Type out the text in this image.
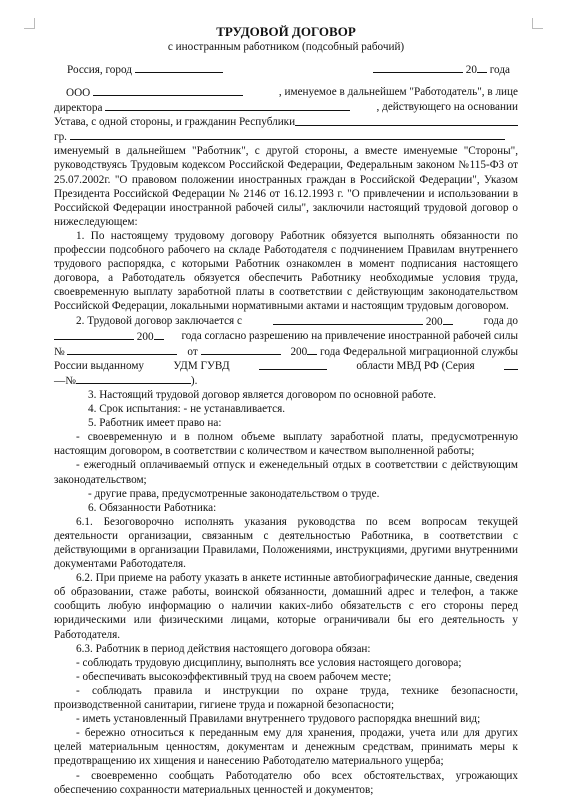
ТРУДОВОЙ ДОГОВОР
с иностранным работником (подсобный рабочий)
Россия, город	20 года

ООО	, именуемое в дальнейшем "Работодатель", в лице

директора	, действующего на основании

Устава, с одной стороны, и гражданин Республики

гр.

именуемый в дальнейшем "Работник", с другой стороны, а вместе именуемые "Стороны", руководствуясь Трудовым кодексом Российской Федерации, Федеральным законом №115-ФЗ от 25.07.2002г. "О правовом положении иностранных граждан в Российской Федерации", Указом Президента Российской Федерации № 2146 от 16.12.1993 г. "О привлечении и использовании в Российской Федерации иностранной рабочей силы", заключили настоящий трудовой договор о нижеследующем:

1. По настоящему трудовому договору Работник обязуется выполнять обязанности по профессии подсобного рабочего на складе Работодателя с подчинением Правилам внутреннего трудового распорядка, с которыми Работник ознакомлен в момент подписания настоящего договора, а Работодатель обязуется обеспечить Работнику необходимые условия труда, своевременную выплату заработной платы в соответствии с действующим законодательством Российской Федерации, локальными нормативными актами и настоящим трудовым договором.

2. Трудовой договор заключается с	200	года до

200	года согласно разрешению на привлечение иностранной рабочей силы

№	от	200 года Федеральной миграционной службы

России выданному	УДМ ГУВД	области МВД РФ (Серия

—№	).

3. Настоящий трудовой договор является договором по основной работе.

4. Срок испытания: - не устанавливается.

5. Работник имеет право на:

- своевременную и в полном объеме выплату заработной платы, предусмотренную настоящим договором, в соответствии с количеством и качеством выполненной работы;

- ежегодный оплачиваемый отпуск и еженедельный отдых в соответствии с действующим законодательством;

- другие права, предусмотренные законодательством о труде.

6. Обязанности Работника:

6.1. Безоговорочно исполнять указания руководства по всем вопросам текущей деятельности организации, связанным с деятельностью Работника, в соответствии с действующими в организации Правилами, Положениями, инструкциями, другими внутренними документами Работодателя.

6.2. При приеме на работу указать в анкете истинные автобиографические данные, сведения об образовании, стаже работы, воинской обязанности, домашний адрес и телефон, а также сообщить любую информацию о наличии каких-либо обязательств с его стороны перед юридическими или физическими лицами, которые ограничивали бы его деятельность у Работодателя.

6.3. Работник в период действия настоящего договора обязан:

- соблюдать трудовую дисциплину, выполнять все условия настоящего договора;

- обеспечивать высокоэффективный труд на своем рабочем месте;

- соблюдать правила и инструкции по охране труда, технике безопасности, производственной санитарии, гигиене труда и пожарной безопасности;

- иметь установленный Правилами внутреннего трудового распорядка внешний вид;

- бережно относиться к переданным ему для хранения, продажи, учета или для других целей материальным ценностям, документам и денежным средствам, принимать меры к предотвращению их хищения и нанесению Работодателю материального ущерба;

- своевременно сообщать Работодателю обо всех обстоятельствах, угрожающих обеспечению сохранности материальных ценностей и документов;
